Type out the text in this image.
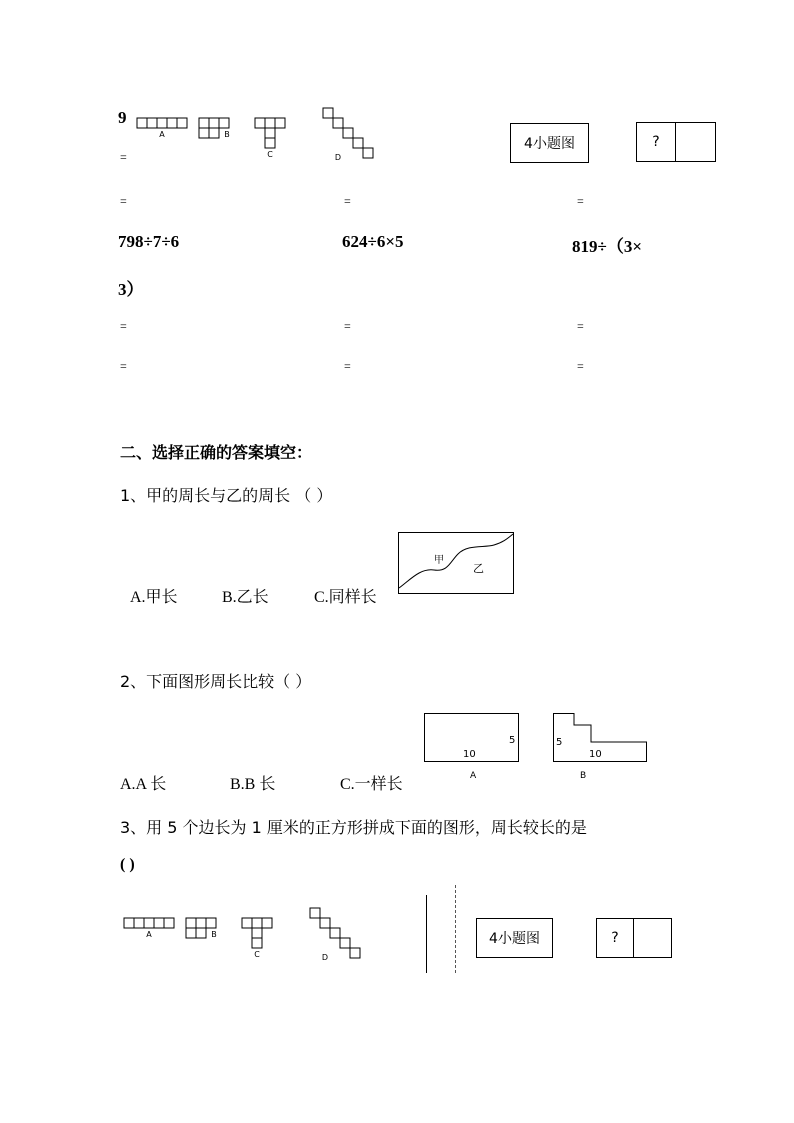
9
=
A	B
C	D
4小题图	?
=	=	=
798÷7÷6	624÷6×5	819÷（3×
3）
=	=	=
=	=	=
二、选择正确的答案填空：
1、甲的周长与乙的周长 （ ）
A.甲长	B.乙长	C.同样长
甲
乙
2、下面图形周长比较（ ）
5
10
A
5
10
B
A.A 长	B.B 长	C.一样长
3、用 5 个边长为 1 厘米的正方形拼成下面的图形，周长较长的是
( )
A	B
C	D
4小题图	?
